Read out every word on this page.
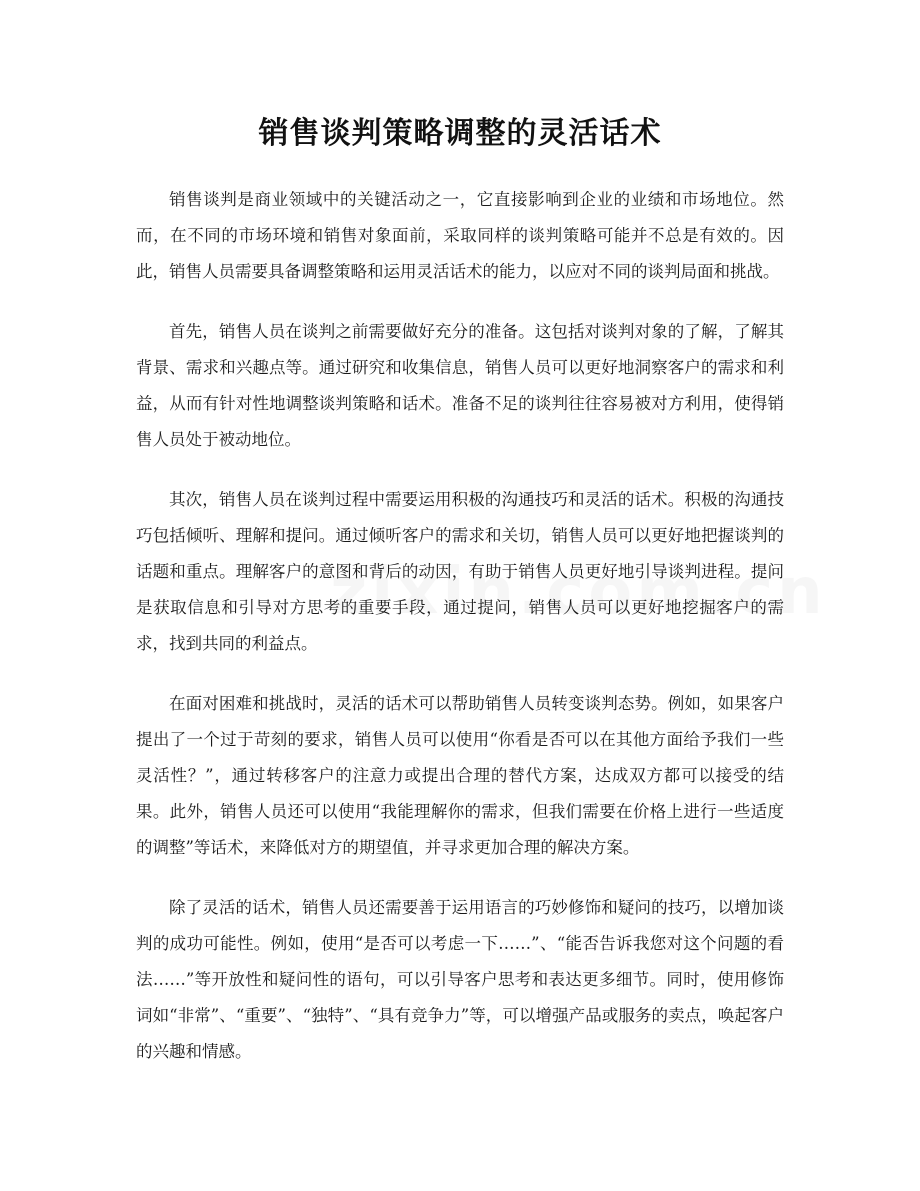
销售谈判策略调整的灵活话术

销售谈判是商业领域中的关键活动之一，它直接影响到企业的业绩和市场地位。然而，在不同的市场环境和销售对象面前，采取同样的谈判策略可能并不总是有效的。因此，销售人员需要具备调整策略和运用灵活话术的能力，以应对不同的谈判局面和挑战。

首先，销售人员在谈判之前需要做好充分的准备。这包括对谈判对象的了解，了解其背景、需求和兴趣点等。通过研究和收集信息，销售人员可以更好地洞察客户的需求和利益，从而有针对性地调整谈判策略和话术。准备不足的谈判往往容易被对方利用，使得销售人员处于被动地位。

其次，销售人员在谈判过程中需要运用积极的沟通技巧和灵活的话术。积极的沟通技巧包括倾听、理解和提问。通过倾听客户的需求和关切，销售人员可以更好地把握谈判的话题和重点。理解客户的意图和背后的动因，有助于销售人员更好地引导谈判进程。提问是获取信息和引导对方思考的重要手段，通过提问，销售人员可以更好地挖掘客户的需求，找到共同的利益点。

在面对困难和挑战时，灵活的话术可以帮助销售人员转变谈判态势。例如，如果客户提出了一个过于苛刻的要求，销售人员可以使用“你看是否可以在其他方面给予我们一些灵活性？”，通过转移客户的注意力或提出合理的替代方案，达成双方都可以接受的结果。此外，销售人员还可以使用“我能理解你的需求，但我们需要在价格上进行一些适度的调整”等话术，来降低对方的期望值，并寻求更加合理的解决方案。

除了灵活的话术，销售人员还需要善于运用语言的巧妙修饰和疑问的技巧，以增加谈判的成功可能性。例如，使用“是否可以考虑一下……”、“能否告诉我您对这个问题的看法……”等开放性和疑问性的语句，可以引导客户思考和表达更多细节。同时，使用修饰词如“非常”、“重要”、“独特”、“具有竞争力”等，可以增强产品或服务的卖点，唤起客户的兴趣和情感。
